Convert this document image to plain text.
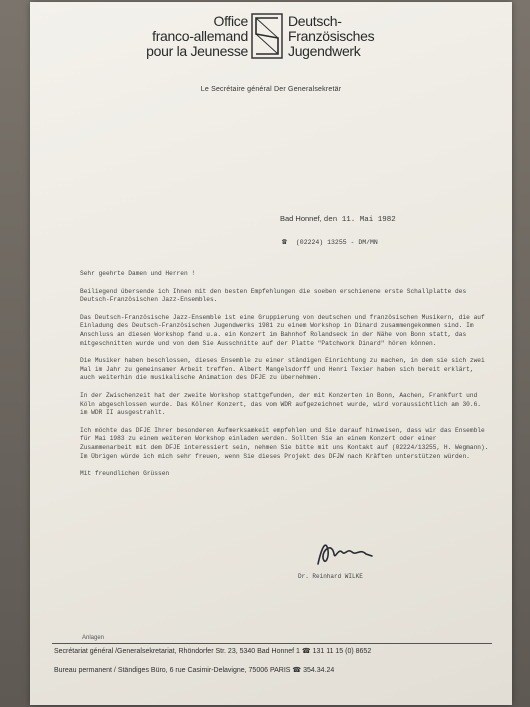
Office
franco-allemand
pour la Jeunesse
Deutsch-
Französisches
Jugendwerk
Le Secrétaire général Der Generalsekretär
Bad Honnef, den 11. Mai 1982
☎ (02224) 13255 - DM/MN

Sehr geehrte Damen und Herren !

Beiliegend übersende ich Ihnen mit den besten Empfehlungen die soeben erschienene erste Schallplatte des Deutsch-Französischen Jazz-Ensembles.

Das Deutsch-Französische Jazz-Ensemble ist eine Gruppierung von deutschen und französischen Musikern, die auf Einladung des Deutsch-Französischen Jugendwerks 1981 zu einem Workshop in Dinard zusammengekommen sind. Im Anschluss an diesen Workshop fand u.a. ein Konzert im Bahnhof Rolandseck in der Nähe von Bonn statt, das mitgeschnitten wurde und von dem Sie Ausschnitte auf der Platte "Patchwork Dinard" hören können.

Die Musiker haben beschlossen, dieses Ensemble zu einer ständigen Einrichtung zu machen, in dem sie sich zwei Mal im Jahr zu gemeinsamer Arbeit treffen. Albert Mangelsdorff und Henri Texier haben sich bereit erklärt, auch weiterhin die musikalische Animation des DFJE zu übernehmen.

In der Zwischenzeit hat der zweite Workshop stattgefunden, der mit Konzerten in Bonn, Aachen, Frankfurt und Köln abgeschlossen wurde. Das Kölner Konzert, das vom WDR aufgezeichnet wurde, wird voraussichtlich am 30.6. im WDR II ausgestrahlt.

Ich möchte das DFJE Ihrer besonderen Aufmerksamkeit empfehlen und Sie darauf hinweisen, dass wir das Ensemble für Mai 1983 zu einem weiteren Workshop einladen werden. Sollten Sie an einem Konzert oder einer Zusammenarbeit mit dem DFJE interessiert sein, nehmen Sie bitte mit uns Kontakt auf (02224/13255, H. Wegmann). Im Übrigen würde ich mich sehr freuen, wenn Sie dieses Projekt des DFJW nach Kräften unterstützen würden.

Mit freundlichen Grüssen

Dr. Reinhard WILKE
Anlagen
Secrétariat général /Generalsekretariat, Rhöndorfer Str. 23, 5340 Bad Honnef 1 ☎ 131 11 15 (0) 8652
Bureau permanent / Ständiges Büro, 6 rue Casimir-Delavigne, 75006 PARIS ☎ 354.34.24
